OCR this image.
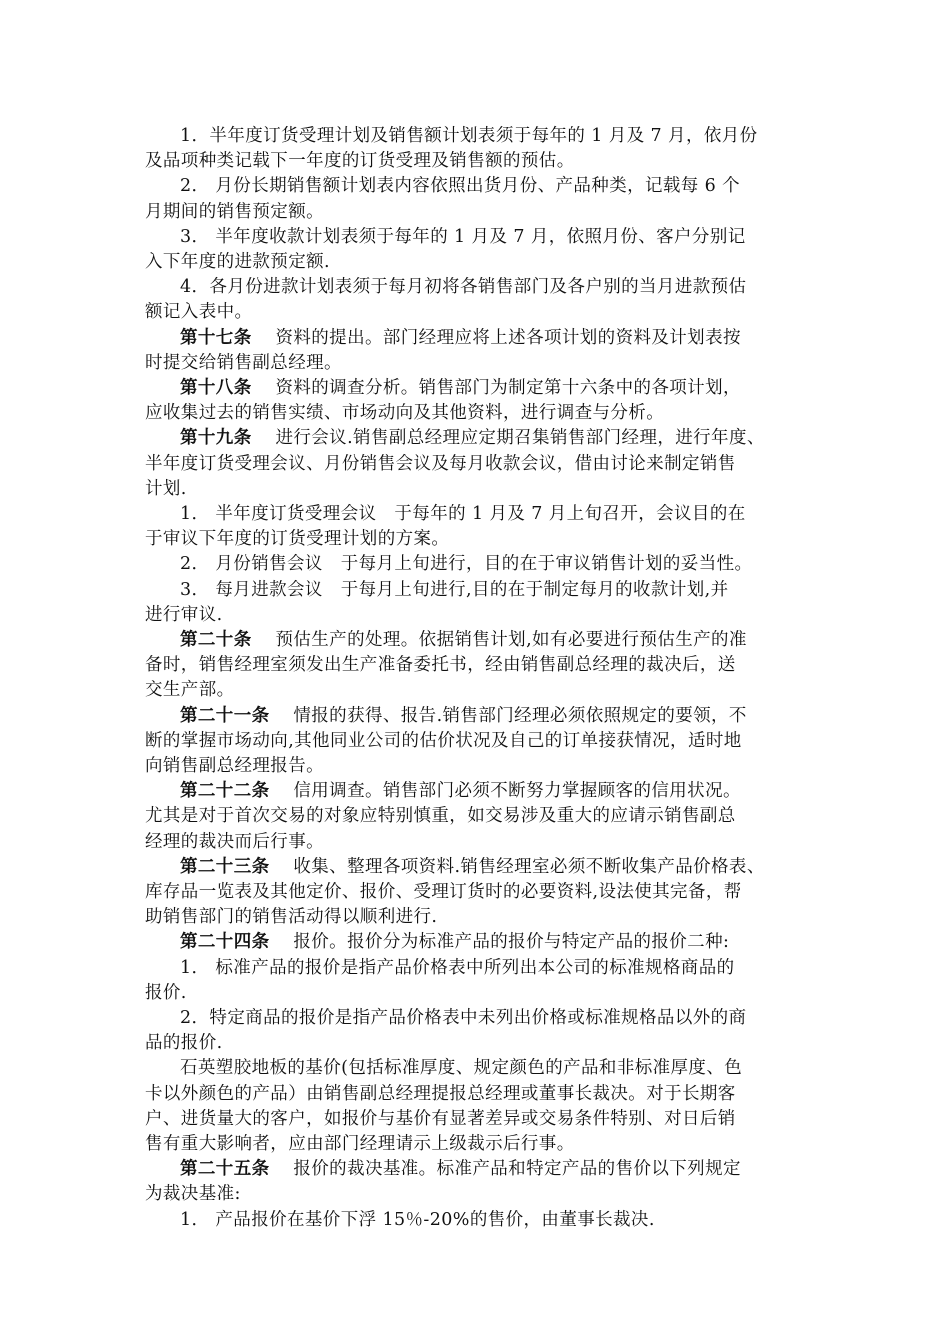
1．半年度订货受理计划及销售额计划表须于每年的 1 月及 7 月，依月份
及品项种类记载下一年度的订货受理及销售额的预估。
2． 月份长期销售额计划表内容依照出货月份、产品种类，记载每 6 个
月期间的销售预定额。
3． 半年度收款计划表须于每年的 1 月及 7 月，依照月份、客户分别记
入下年度的进款预定额.
4．各月份进款计划表须于每月初将各销售部门及各户别的当月进款预估
额记入表中。
第十七条　 资料的提出。部门经理应将上述各项计划的资料及计划表按
时提交给销售副总经理。
第十八条　 资料的调查分析。销售部门为制定第十六条中的各项计划，
应收集过去的销售实绩、市场动向及其他资料，进行调查与分析。
第十九条　 进行会议.销售副总经理应定期召集销售部门经理，进行年度、
半年度订货受理会议、月份销售会议及每月收款会议，借由讨论来制定销售
计划.
1． 半年度订货受理会议　于每年的 1 月及 7 月上旬召开，会议目的在
于审议下年度的订货受理计划的方案。
2． 月份销售会议　于每月上旬进行，目的在于审议销售计划的妥当性。
3． 每月进款会议　于每月上旬进行,目的在于制定每月的收款计划,并
进行审议.
第二十条　 预估生产的处理。依据销售计划,如有必要进行预估生产的准
备时，销售经理室须发出生产准备委托书，经由销售副总经理的裁决后，送
交生产部。
第二十一条　 情报的获得、报告.销售部门经理必须依照规定的要领，不
断的掌握市场动向,其他同业公司的估价状况及自己的订单接获情况，适时地
向销售副总经理报告。
第二十二条　 信用调查。销售部门必须不断努力掌握顾客的信用状况。
尤其是对于首次交易的对象应特别慎重，如交易涉及重大的应请示销售副总
经理的裁决而后行事。
第二十三条　 收集、整理各项资料.销售经理室必须不断收集产品价格表、
库存品一览表及其他定价、报价、受理订货时的必要资料,设法使其完备，帮
助销售部门的销售活动得以顺利进行.
第二十四条　 报价。报价分为标准产品的报价与特定产品的报价二种:
1． 标准产品的报价是指产品价格表中所列出本公司的标准规格商品的
报价.
2．特定商品的报价是指产品价格表中未列出价格或标准规格品以外的商
品的报价.
石英塑胶地板的基价(包括标准厚度、规定颜色的产品和非标准厚度、色
卡以外颜色的产品）由销售副总经理提报总经理或董事长裁决。对于长期客
户、进货量大的客户，如报价与基价有显著差异或交易条件特别、对日后销
售有重大影响者，应由部门经理请示上级裁示后行事。
第二十五条　 报价的裁决基准。标准产品和特定产品的售价以下列规定
为裁决基准:
1． 产品报价在基价下浮 15％-20%的售价，由董事长裁决.
